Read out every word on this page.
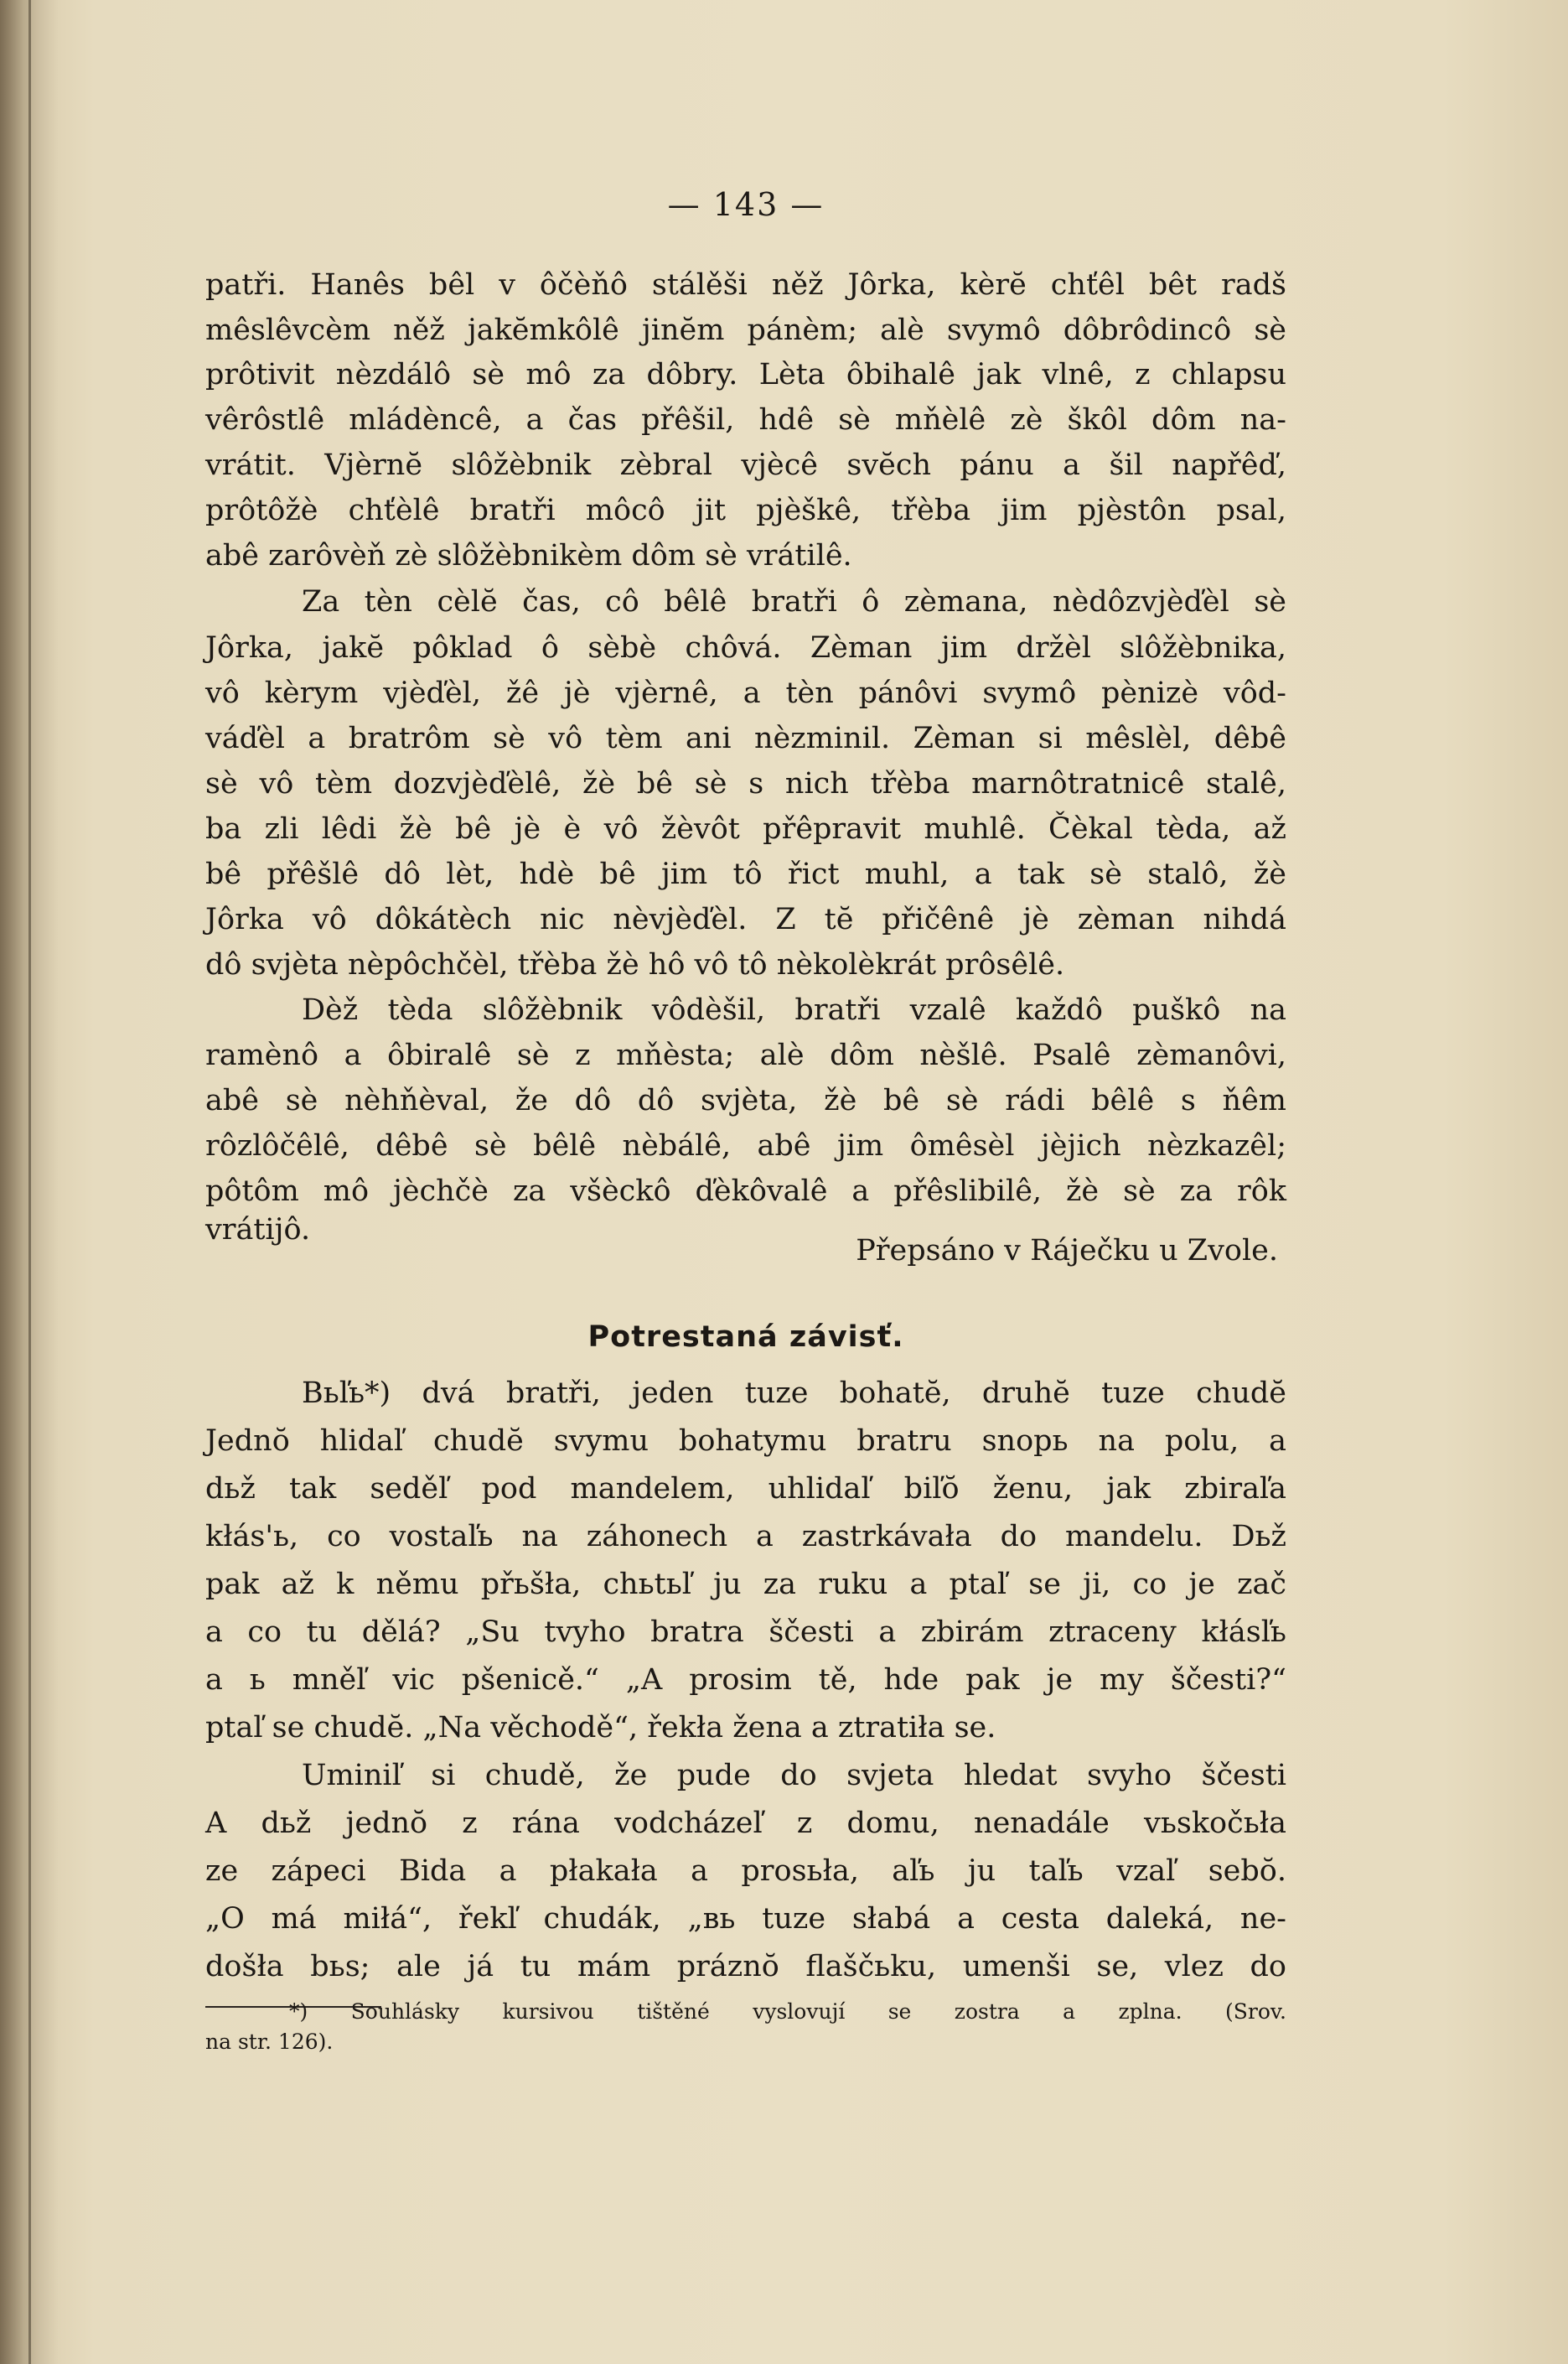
— 143 —
patři. Hanês bêl v ôčèňô stálěši něž Jôrka, kèrĕ chťêl bêt radš
mêslêvcèm něž jakĕmkôlê jinĕm pánèm; alè svymô dôbrôdincô sè
prôtivit nèzdálô sè mô za dôbry. Lèta ôbihalê jak vlnê, z chlapsu
vêrôstlê mládèncê, a čas přêšil, hdê sè mňèlê zè škôl dôm na-
vrátit. Vjèrnĕ slôžèbnik zèbral vjècê svĕch pánu a šil napřêď,
prôtôžè chťèlê bratři môcô jit pjèškê, třèba jim pjèstôn psal,
abê zarôvèň zè slôžèbnikèm dôm sè vrátilê.
Za tèn cèlĕ čas, cô bêlê bratři ô zèmana, nèdôzvjèďèl sè
Jôrka, jakĕ pôklad ô sèbè chôvá. Zèman jim držèl slôžèbnika,
vô kèrym vjèďèl, žê jè vjèrnê, a tèn pánôvi svymô pènizè vôd-
váďèl a bratrôm sè vô tèm ani nèzminil. Zèman si mêslèl, dêbê
sè vô tèm dozvjèďèlê, žè bê sè s nich třèba marnôtratnicê stalê,
ba zli lêdi žè bê jè è vô žèvôt přêpravit muhlê. Čèkal tèda, až
bê přêšlê dô lèt, hdè bê jim tô řict muhl, a tak sè stalô, žè
Jôrka vô dôkátèch nic nèvjèďèl. Z tĕ přičênê jè zèman nihdá
dô svjèta nèpôchčèl, třèba žè hô vô tô nèkolèkrát prôsêlê.
Dèž tèda slôžèbnik vôdèšil, bratři vzalê každô puškô na
ramènô a ôbiralê sè z mňèsta; alè dôm nèšlê. Psalê zèmanôvi,
abê sè nèhňèval, že dô dô svjèta, žè bê sè rádi bêlê s ňêm
rôzlôčêlê, dêbê sè bêlê nèbálê, abê jim ômêsèl jèjich nèzkazêl;
pôtôm mô jèchčè za všèckô ďèkôvalê a přêslibilê, žè sè za rôk
vrátijô.
Přepsáno v Ráječku u Zvole.
Potrestaná závisť.
Вьľь*) dvá bratři, jeden tuze bohatĕ, druhĕ tuze chudĕ
Jednŏ hlidaľ chudĕ svymu bohatymu bratru snopь na polu, a
dьž tak seděľ pod mandelem, uhlidaľ biľŏ ženu, jak zbiraľa
kłás'ь, co vostaľь na záhonech a zastrkávała do mandelu. Dьž
pak až k němu přьšła, chьtьľ ju za ruku a ptaľ se ji, co je zač
a co tu dělá? „Su tvyho bratra ščesti a zbirám ztraceny kłásľь
a ь mněľ vic pšenicě.“ „A prosim tě, hde pak je my ščesti?“
ptaľ se chudĕ. „Na věchodě“, řekła žena a ztratiła se.
Uminiľ si chudě, že pude do svjeta hledat svyho ščesti
A dьž jednŏ z rána vodcházeľ z domu, nenadále vьskočьła
ze zápeci Bida a płakała a prosьła, aľь ju taľь vzaľ sebŏ.
„O má miłá“, řekľ chudák, „вь tuze słabá a cesta daleká, ne-
došła bьs; ale já tu mám práznŏ flaščьku, umenši se, vlez do
*) Souhlásky kursivou tištěné vyslovují se zostra a zplna. (Srov.
na str. 126).
